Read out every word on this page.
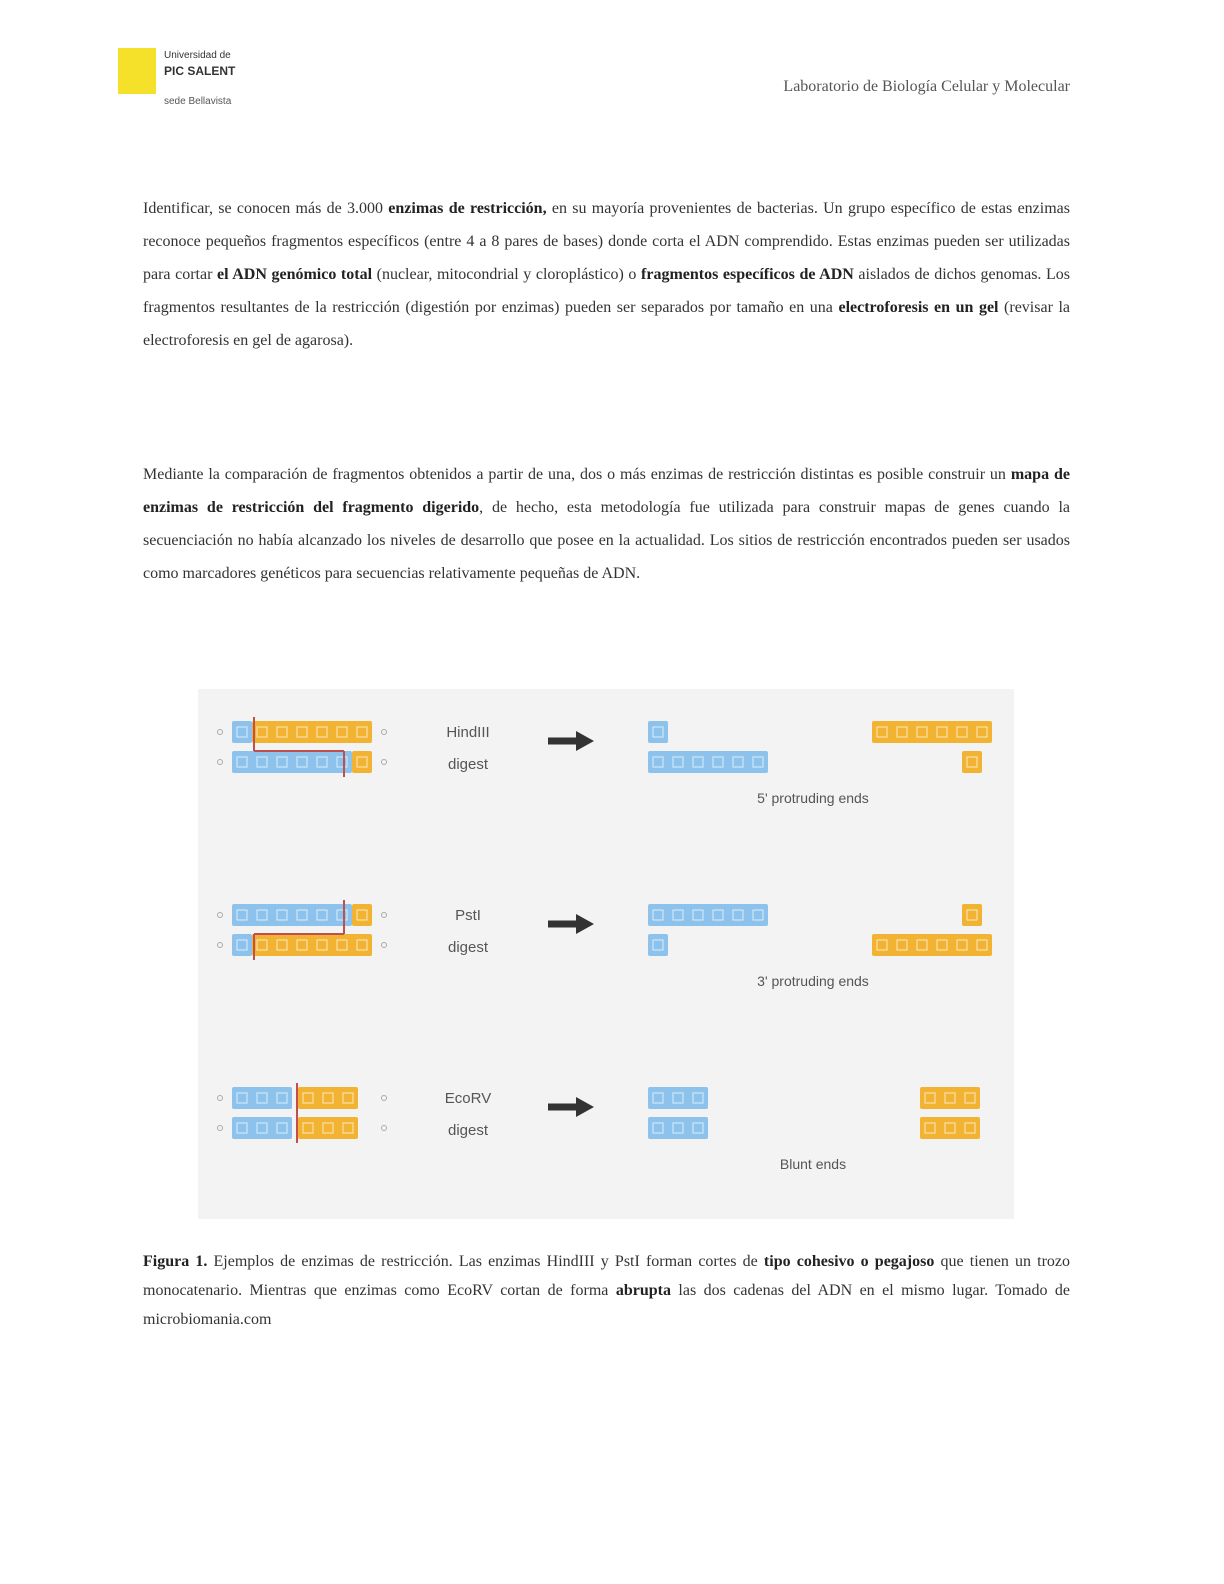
Universidad de
PIC SALENT
sede Bellavista
Laboratorio de Biología Celular y Molecular
Identificar, se conocen más de 3.000 enzimas de restricción, en su mayoría provenientes de bacterias. Un grupo específico de estas enzimas reconoce pequeños fragmentos específicos (entre 4 a 8 pares de bases) donde corta el ADN comprendido. Estas enzimas pueden ser utilizadas para cortar el ADN genómico total (nuclear, mitocondrial y cloroplástico) o fragmentos específicos de ADN aislados de dichos genomas. Los fragmentos resultantes de la restricción (digestión por enzimas) pueden ser separados por tamaño en una electroforesis en un gel (revisar la electroforesis en gel de agarosa).
Mediante la comparación de fragmentos obtenidos a partir de una, dos o más enzimas de restricción distintas es posible construir un mapa de enzimas de restricción del fragmento digerido, de hecho, esta metodología fue utilizada para construir mapas de genes cuando la secuenciación no había alcanzado los niveles de desarrollo que posee en la actualidad. Los sitios de restricción encontrados pueden ser usados como marcadores genéticos para secuencias relativamente pequeñas de ADN.
HindIII
digest
5' protruding ends
PstI
digest
3' protruding ends
EcoRV
digest
Blunt ends
Figura 1. Ejemplos de enzimas de restricción. Las enzimas HindIII y PstI forman cortes de tipo cohesivo o pegajoso que tienen un trozo monocatenario. Mientras que enzimas como EcoRV cortan de forma abrupta las dos cadenas del ADN en el mismo lugar. Tomado de microbiomania.com
